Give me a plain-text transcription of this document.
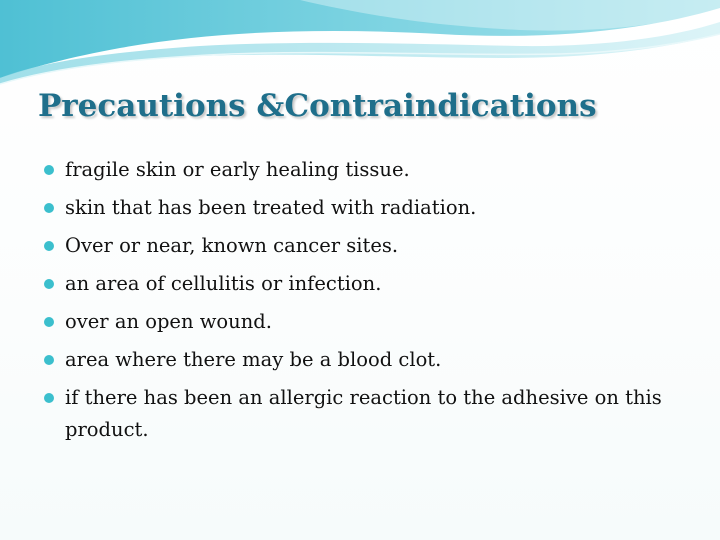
Precautions &Contraindications
fragile skin or early healing tissue.
skin that has been treated with radiation.
Over or near, known cancer sites.
an area of cellulitis or infection.
over an open wound.
area where there may be a blood clot.
if there has been an allergic reaction to the adhesive on this product.
